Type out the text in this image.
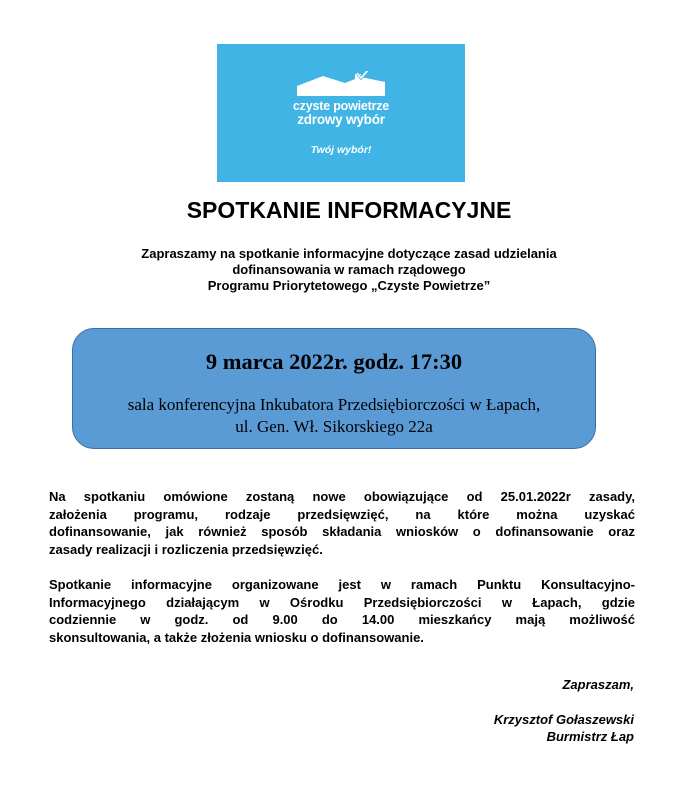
czyste powietrze
zdrowy wybór
Twój wybór!
SPOTKANIE INFORMACYJNE
Zapraszamy na spotkanie informacyjne dotyczące zasad udzielania
dofinansowania w ramach rządowego
Programu Priorytetowego „Czyste Powietrze”
9 marca 2022r. godz. 17:30
sala konferencyjna Inkubatora Przedsiębiorczości w Łapach,
ul. Gen. Wł. Sikorskiego 22a
Na spotkaniu omówione zostaną nowe obowiązujące od 25.01.2022r zasady,
założenia programu, rodzaje przedsięwzięć, na które można uzyskać
dofinansowanie, jak również sposób składania wniosków o dofinansowanie oraz
zasady realizacji i rozliczenia przedsięwzięć.
Spotkanie informacyjne organizowane jest w ramach Punktu Konsultacyjno-
Informacyjnego działającym w Ośrodku Przedsiębiorczości w Łapach, gdzie
codziennie w godz. od 9.00 do 14.00 mieszkańcy mają możliwość
skonsultowania, a także złożenia wniosku o dofinansowanie.
Zapraszam,
Krzysztof Gołaszewski
Burmistrz Łap
